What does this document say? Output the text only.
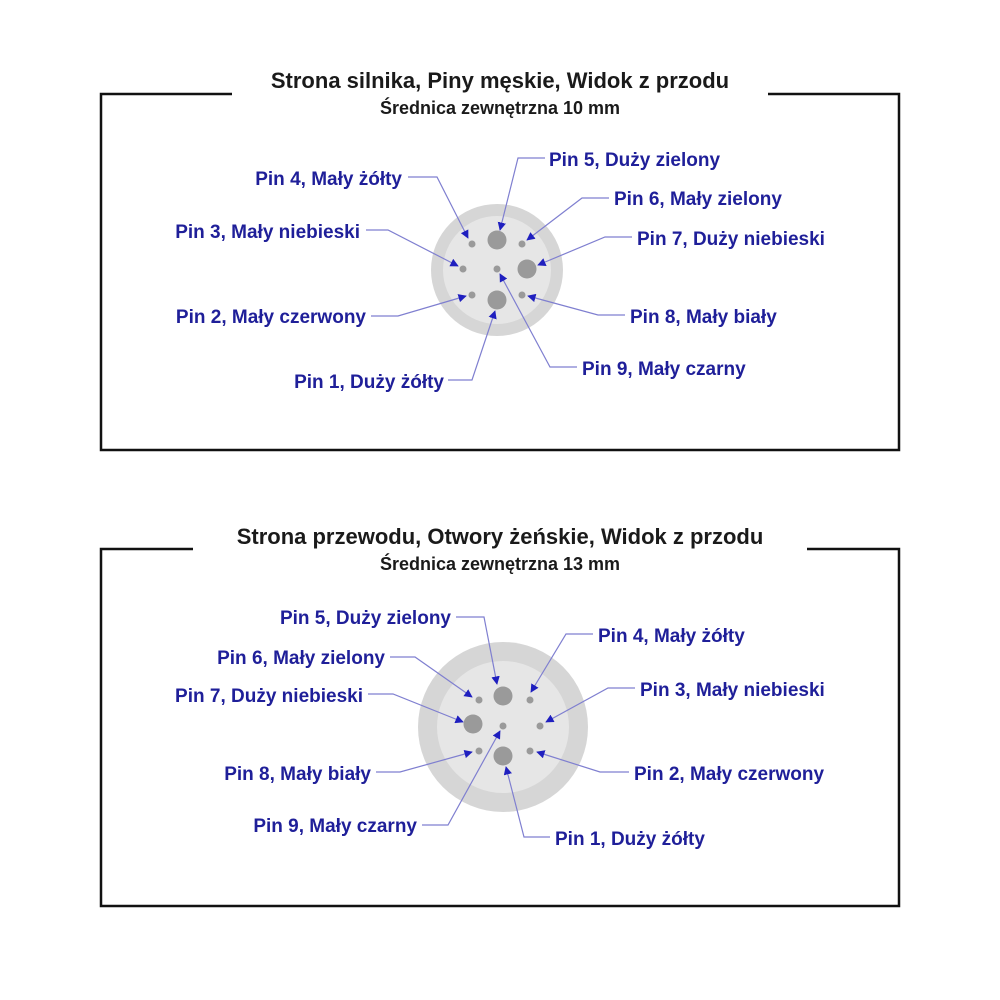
Strona silnika, Piny męskie, Widok z przodu
Średnica zewnętrzna 10 mm
Pin 5, Duży zielony
Pin 4, Mały żółty
Pin 6, Mały zielony
Pin 3, Mały niebieski	Pin 7, Duży niebieski
Pin 2, Mały czerwony	Pin 8, Mały biały
Pin 9, Mały czarny
Pin 1, Duży żółty
Strona przewodu, Otwory żeńskie, Widok z przodu
Średnica zewnętrzna 13 mm
Pin 5, Duży zielony
Pin 4, Mały żółty
Pin 6, Mały zielony
Pin 3, Mały niebieski
Pin 7, Duży niebieski
Pin 8, Mały biały	Pin 2, Mały czerwony
Pin 9, Mały czarny
Pin 1, Duży żółty
